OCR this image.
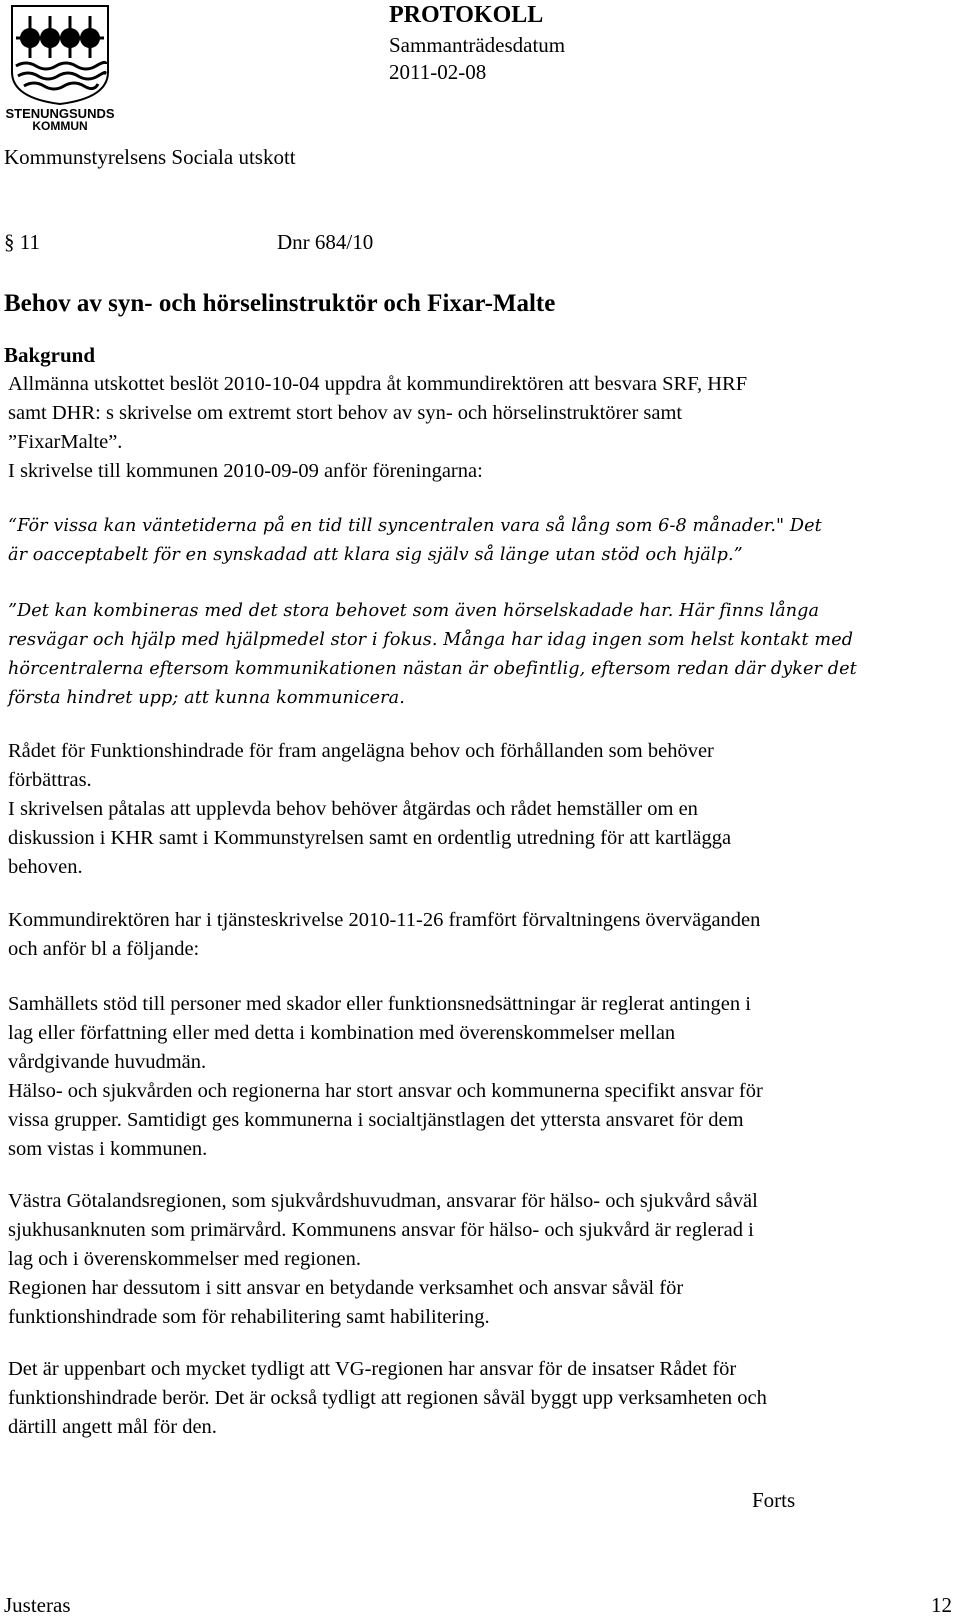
STENUNGSUNDS
KOMMUN
PROTOKOLL
Sammanträdesdatum
2011-02-08
Kommunstyrelsens Sociala utskott
§ 11	Dnr 684/10
Behov av syn- och hörselinstruktör och Fixar-Malte
Bakgrund
Allmänna utskottet beslöt 2010-10-04 uppdra åt kommundirektören att besvara SRF, HRF
samt DHR: s skrivelse om extremt stort behov av syn- och hörselinstruktörer samt
”FixarMalte”.
I skrivelse till kommunen 2010-09-09 anför föreningarna:
“För vissa kan väntetiderna på en tid till syncentralen vara så lång som 6-8 månader." Det
är oacceptabelt för en synskadad att klara sig själv så länge utan stöd och hjälp.”
”Det kan kombineras med det stora behovet som även hörselskadade har. Här finns långa
resvägar och hjälp med hjälpmedel stor i fokus. Många har idag ingen som helst kontakt med
hörcentralerna eftersom kommunikationen nästan är obefintlig, eftersom redan där dyker det
första hindret upp; att kunna kommunicera.
Rådet för Funktionshindrade för fram angelägna behov och förhållanden som behöver
förbättras.
I skrivelsen påtalas att upplevda behov behöver åtgärdas och rådet hemställer om en
diskussion i KHR samt i Kommunstyrelsen samt en ordentlig utredning för att kartlägga
behoven.
Kommundirektören har i tjänsteskrivelse 2010-11-26 framfört förvaltningens överväganden
och anför bl a följande:
Samhällets stöd till personer med skador eller funktionsnedsättningar är reglerat antingen i
lag eller författning eller med detta i kombination med överenskommelser mellan
vårdgivande huvudmän.
Hälso- och sjukvården och regionerna har stort ansvar och kommunerna specifikt ansvar för
vissa grupper. Samtidigt ges kommunerna i socialtjänstlagen det yttersta ansvaret för dem
som vistas i kommunen.
Västra Götalandsregionen, som sjukvårdshuvudman, ansvarar för hälso- och sjukvård såväl
sjukhusanknuten som primärvård. Kommunens ansvar för hälso- och sjukvård är reglerad i
lag och i överenskommelser med regionen.
Regionen har dessutom i sitt ansvar en betydande verksamhet och ansvar såväl för
funktionshindrade som för rehabilitering samt habilitering.
Det är uppenbart och mycket tydligt att VG-regionen har ansvar för de insatser Rådet för
funktionshindrade berör. Det är också tydligt att regionen såväl byggt upp verksamheten och
därtill angett mål för den.
Forts
Justeras	12
